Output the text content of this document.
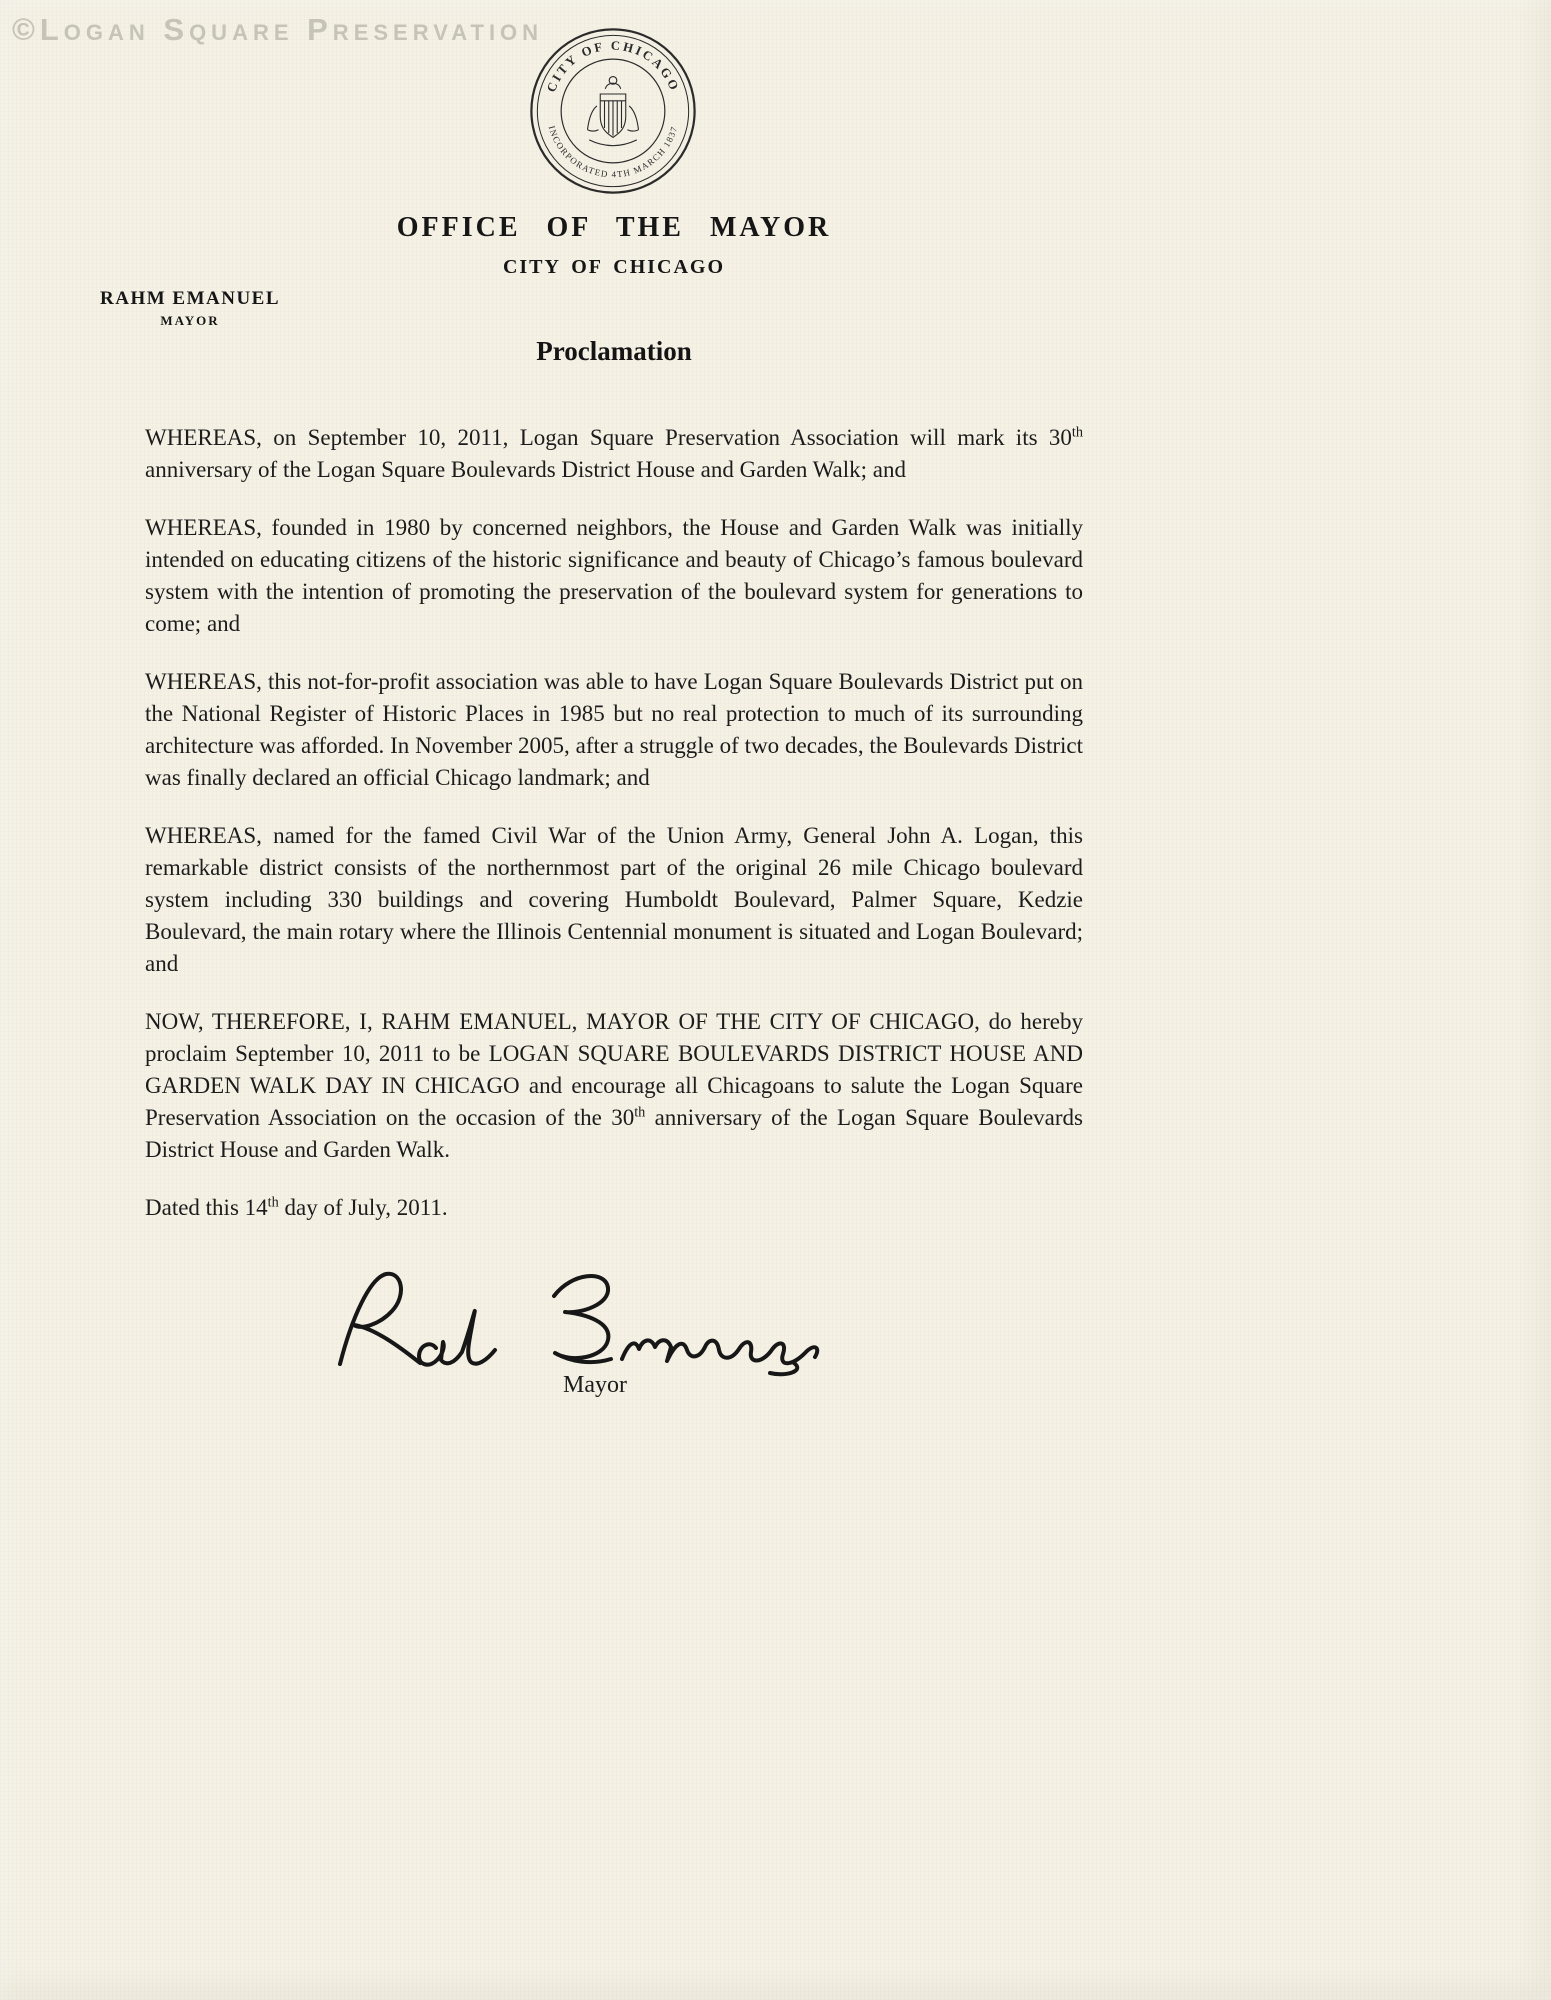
©Logan Square Preservation
CITY OF CHICAGO
INCORPORATED 4TH MARCH 1837
OFFICE OF THE MAYOR
CITY OF CHICAGO
RAHM EMANUEL
MAYOR
Proclamation

WHEREAS, on September 10, 2011, Logan Square Preservation Association will mark its 30th anniversary of the Logan Square Boulevards District House and Garden Walk; and

WHEREAS, founded in 1980 by concerned neighbors, the House and Garden Walk was initially intended on educating citizens of the historic significance and beauty of Chicago’s famous boulevard system with the intention of promoting the preservation of the boulevard system for generations to come; and

WHEREAS, this not-for-profit association was able to have Logan Square Boulevards District put on the National Register of Historic Places in 1985 but no real protection to much of its surrounding architecture was afforded. In November 2005, after a struggle of two decades, the Boulevards District was finally declared an official Chicago landmark; and

WHEREAS, named for the famed Civil War of the Union Army, General John A. Logan, this remarkable district consists of the northernmost part of the original 26 mile Chicago boulevard system including 330 buildings and covering Humboldt Boulevard, Palmer Square, Kedzie Boulevard, the main rotary where the Illinois Centennial monument is situated and Logan Boulevard; and

NOW, THEREFORE, I, RAHM EMANUEL, MAYOR OF THE CITY OF CHICAGO, do hereby proclaim September 10, 2011 to be LOGAN SQUARE BOULEVARDS DISTRICT HOUSE AND GARDEN WALK DAY IN CHICAGO and encourage all Chicagoans to salute the Logan Square Preservation Association on the occasion of the 30th anniversary of the Logan Square Boulevards District House and Garden Walk.

Dated this 14th day of July, 2011.

Mayor
